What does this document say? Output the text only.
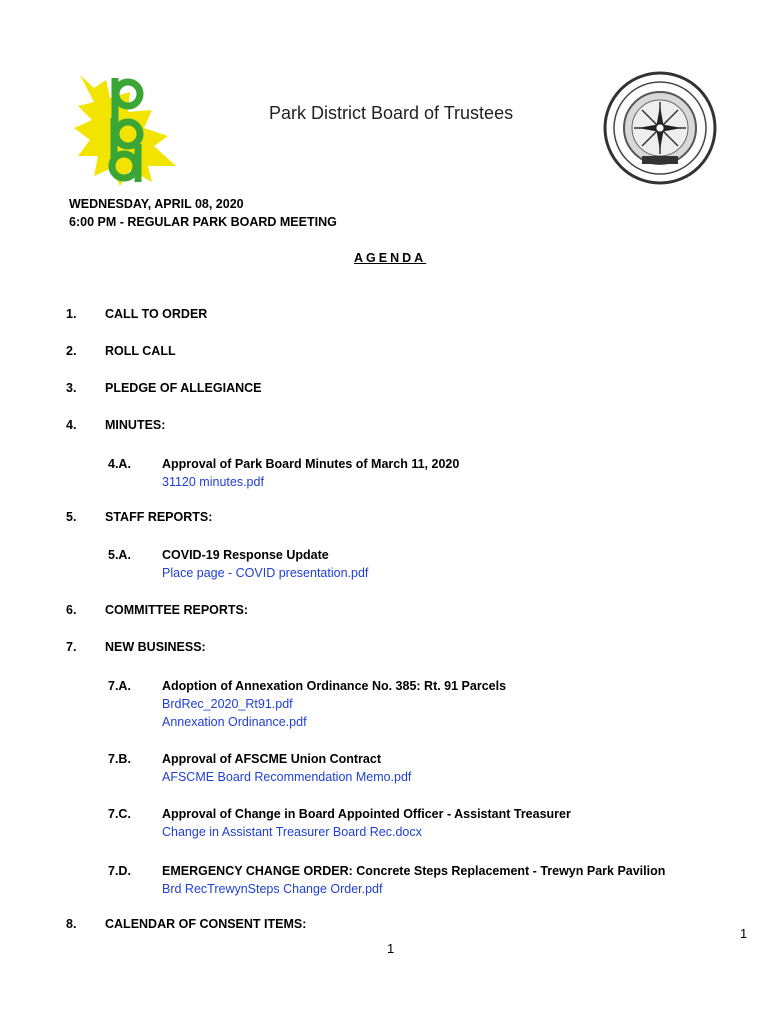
Park District Board of Trustees
WEDNESDAY, APRIL 08, 2020
6:00 PM - REGULAR PARK BOARD MEETING
AGENDA
1. CALL TO ORDER
2. ROLL CALL
3. PLEDGE OF ALLEGIANCE
4. MINUTES:
4.A. Approval of Park Board Minutes of March 11, 2020
31120 minutes.pdf
5. STAFF REPORTS:
5.A. COVID-19 Response Update
Place page - COVID presentation.pdf
6. COMMITTEE REPORTS:
7. NEW BUSINESS:
7.A. Adoption of Annexation Ordinance No. 385: Rt. 91 Parcels
BrdRec_2020_Rt91.pdf
Annexation Ordinance.pdf
7.B. Approval of AFSCME Union Contract
AFSCME Board Recommendation Memo.pdf
7.C. Approval of Change in Board Appointed Officer - Assistant Treasurer
Change in Assistant Treasurer Board Rec.docx
7.D. EMERGENCY CHANGE ORDER: Concrete Steps Replacement - Trewyn Park Pavilion
Brd RecTrewynSteps Change Order.pdf
8. CALENDAR OF CONSENT ITEMS:
1
1
